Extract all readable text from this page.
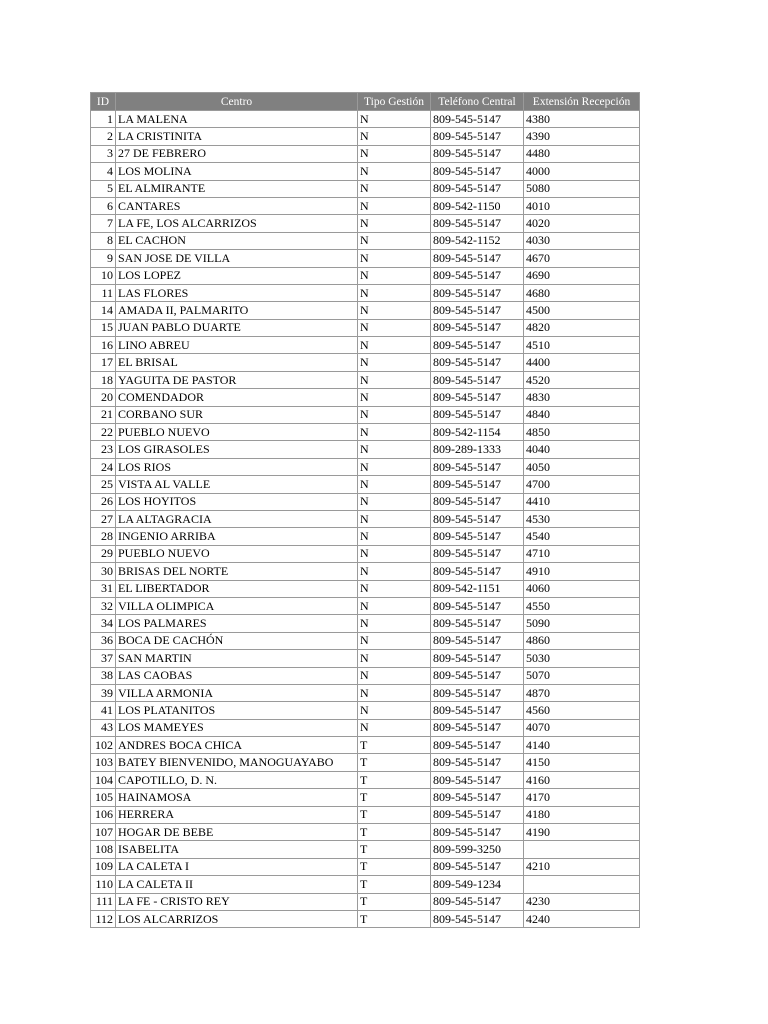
ID	Centro	Tipo Gestión	Teléfono Central	Extensión Recepción
1	LA MALENA	N	809-545-5147	4380
2	LA CRISTINITA	N	809-545-5147	4390
3	27 DE FEBRERO	N	809-545-5147	4480
4	LOS MOLINA	N	809-545-5147	4000
5	EL ALMIRANTE	N	809-545-5147	5080
6	CANTARES	N	809-542-1150	4010
7	LA FE, LOS ALCARRIZOS	N	809-545-5147	4020
8	EL CACHON	N	809-542-1152	4030
9	SAN JOSE DE VILLA	N	809-545-5147	4670
10	LOS LOPEZ	N	809-545-5147	4690
11	LAS FLORES	N	809-545-5147	4680
14	AMADA II, PALMARITO	N	809-545-5147	4500
15	JUAN PABLO DUARTE	N	809-545-5147	4820
16	LINO ABREU	N	809-545-5147	4510
17	EL BRISAL	N	809-545-5147	4400
18	YAGUITA DE PASTOR	N	809-545-5147	4520
20	COMENDADOR	N	809-545-5147	4830
21	CORBANO SUR	N	809-545-5147	4840
22	PUEBLO NUEVO	N	809-542-1154	4850
23	LOS GIRASOLES	N	809-289-1333	4040
24	LOS RIOS	N	809-545-5147	4050
25	VISTA AL VALLE	N	809-545-5147	4700
26	LOS HOYITOS	N	809-545-5147	4410
27	LA ALTAGRACIA	N	809-545-5147	4530
28	INGENIO ARRIBA	N	809-545-5147	4540
29	PUEBLO NUEVO	N	809-545-5147	4710
30	BRISAS DEL NORTE	N	809-545-5147	4910
31	EL LIBERTADOR	N	809-542-1151	4060
32	VILLA OLIMPICA	N	809-545-5147	4550
34	LOS PALMARES	N	809-545-5147	5090
36	BOCA DE CACHÓN	N	809-545-5147	4860
37	SAN MARTIN	N	809-545-5147	5030
38	LAS CAOBAS	N	809-545-5147	5070
39	VILLA ARMONIA	N	809-545-5147	4870
41	LOS PLATANITOS	N	809-545-5147	4560
43	LOS MAMEYES	N	809-545-5147	4070
102	ANDRES BOCA CHICA	T	809-545-5147	4140
103	BATEY BIENVENIDO, MANOGUAYABO	T	809-545-5147	4150
104	CAPOTILLO, D. N.	T	809-545-5147	4160
105	HAINAMOSA	T	809-545-5147	4170
106	HERRERA	T	809-545-5147	4180
107	HOGAR DE BEBE	T	809-545-5147	4190
108	ISABELITA	T	809-599-3250	
109	LA CALETA I	T	809-545-5147	4210
110	LA CALETA II	T	809-549-1234	
111	LA FE - CRISTO REY	T	809-545-5147	4230
112	LOS ALCARRIZOS	T	809-545-5147	4240
